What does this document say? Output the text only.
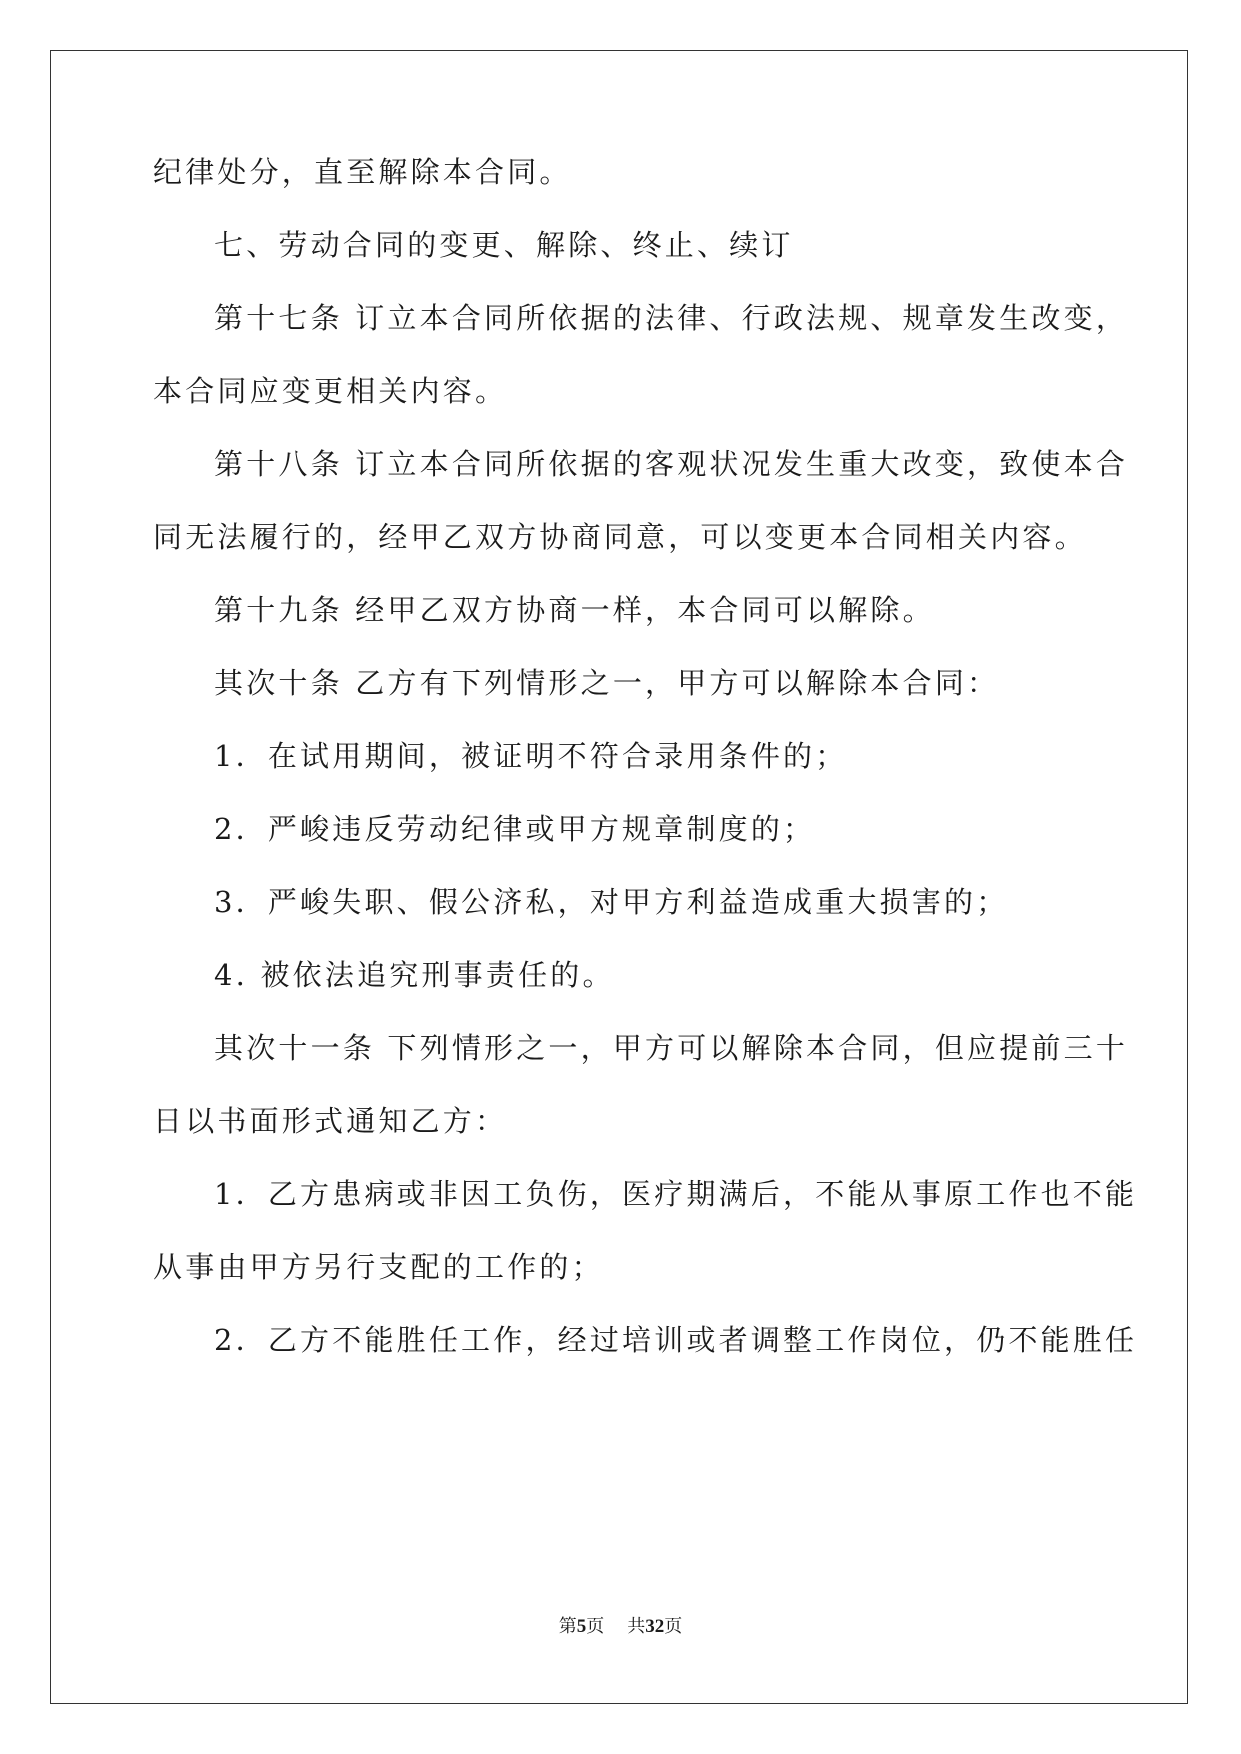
纪律处分，直至解除本合同。
七、劳动合同的变更、解除、终止、续订
第十七条 订立本合同所依据的法律、行政法规、规章发生改变，
本合同应变更相关内容。
第十八条 订立本合同所依据的客观状况发生重大改变，致使本合
同无法履行的，经甲乙双方协商同意，可以变更本合同相关内容。
第十九条 经甲乙双方协商一样，本合同可以解除。
其次十条 乙方有下列情形之一，甲方可以解除本合同：
1．在试用期间，被证明不符合录用条件的；
2．严峻违反劳动纪律或甲方规章制度的；
3．严峻失职、假公济私，对甲方利益造成重大损害的；
4. 被依法追究刑事责任的。
其次十一条 下列情形之一，甲方可以解除本合同，但应提前三十
日以书面形式通知乙方：
1．乙方患病或非因工负伤，医疗期满后，不能从事原工作也不能
从事由甲方另行支配的工作的；
2．乙方不能胜任工作，经过培训或者调整工作岗位，仍不能胜任
第5页 共32页
